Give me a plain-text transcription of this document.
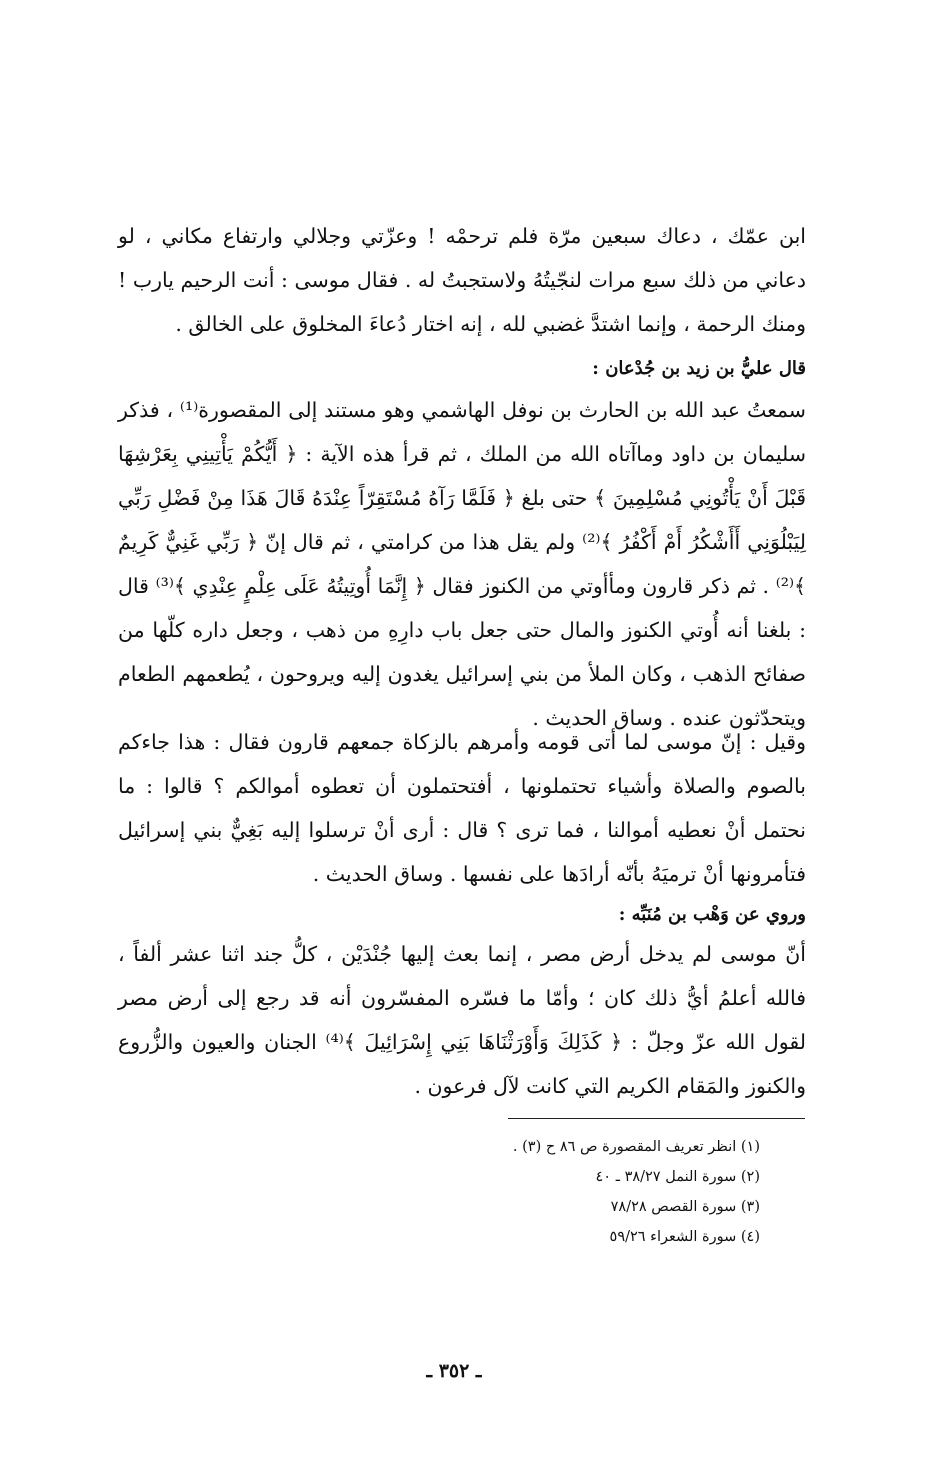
ابن عمّك ، دعاك سبعين مرّة فلم ترحمْه ! وعزّتي وجلالي وارتفاع مكاني ، لو دعاني من ذلك سبع مرات لنجّيتُهُ ولاستجبتُ له . فقال موسى : أنت الرحيم يارب ! ومنك الرحمة ، وإنما اشتدَّ غضبي لله ، إنه اختار دُعاءَ المخلوق على الخالق .

قال عليُّ بن زيد بن جُدْعان :

سمعتُ عبد الله بن الحارث بن نوفل الهاشمي وهو مستند إلى المقصورة⁽¹⁾ ، فذكر سليمان بن داود وماآتاه الله من الملك ، ثم قرأ هذه الآية : ﴿ أَيُّكُمْ يَأْتِينِي بِعَرْشِهَا قَبْلَ أَنْ يَأْتُونِي مُسْلِمِينَ ﴾ حتى بلغ ﴿ فَلَمَّا رَآهُ مُسْتَقِرّاً عِنْدَهُ قَالَ هَذَا مِنْ فَضْلِ رَبِّي لِيَبْلُوَنِي أَأَشْكُرُ أَمْ أَكْفُرُ ﴾⁽²⁾ ولم يقل هذا من كرامتي ، ثم قال إنّ ﴿ رَبِّي غَنِيٌّ كَرِيمٌ ﴾⁽²⁾ . ثم ذكر قارون ومأأوتي من الكنوز فقال ﴿ إِنَّمَا أُوتِيتُهُ عَلَى عِلْمٍ عِنْدِي ﴾⁽³⁾ قال : بلغنا أنه أُوتي الكنوز والمال حتى جعل باب دارِهِ من ذهب ، وجعل داره كلّها من صفائح الذهب ، وكان الملأ من بني إسرائيل يغدون إليه ويروحون ، يُطعمهم الطعام ويتحدّثون عنده . وساق الحديث .

وقيل : إنّ موسى لما أتى قومه وأمرهم بالزكاة جمعهم قارون فقال : هذا جاءكم بالصوم والصلاة وأشياء تحتملونها ، أفتحتملون أن تعطوه أموالكم ؟ قالوا : ما نحتمل أنْ نعطيه أموالنا ، فما ترى ؟ قال : أرى أنْ ترسلوا إليه بَغِيٌّ بني إسرائيل فتأمرونها أنْ ترميَهُ بأنّه أرادَها على نفسها . وساق الحديث .

وروي عن وَهْب بن مُنَبِّه :

أنّ موسى لم يدخل أرض مصر ، إنما بعث إليها جُنْدَيْن ، كلُّ جند اثنا عشر ألفاً ، فالله أعلمُ أيُّ ذلك كان ؛ وأمّا ما فسّره المفسّرون أنه قد رجع إلى أرض مصر لقول الله عزّ وجلّ : ﴿ كَذَلِكَ وَأَوْرَثْنَاهَا بَنِي إِسْرَائِيلَ ﴾⁽⁴⁾ الجنان والعيون والزُّروع والكنوز والمَقام الكريم التي كانت لآل فرعون .

(١) انظر تعريف المقصورة ص ٨٦ ح (٣) .
(٢) سورة النمل ٣٨/٢٧ ـ ٤٠
(٣) سورة القصص ٧٨/٢٨
(٤) سورة الشعراء ٥٩/٢٦
ـ ٣٥٢ ـ
